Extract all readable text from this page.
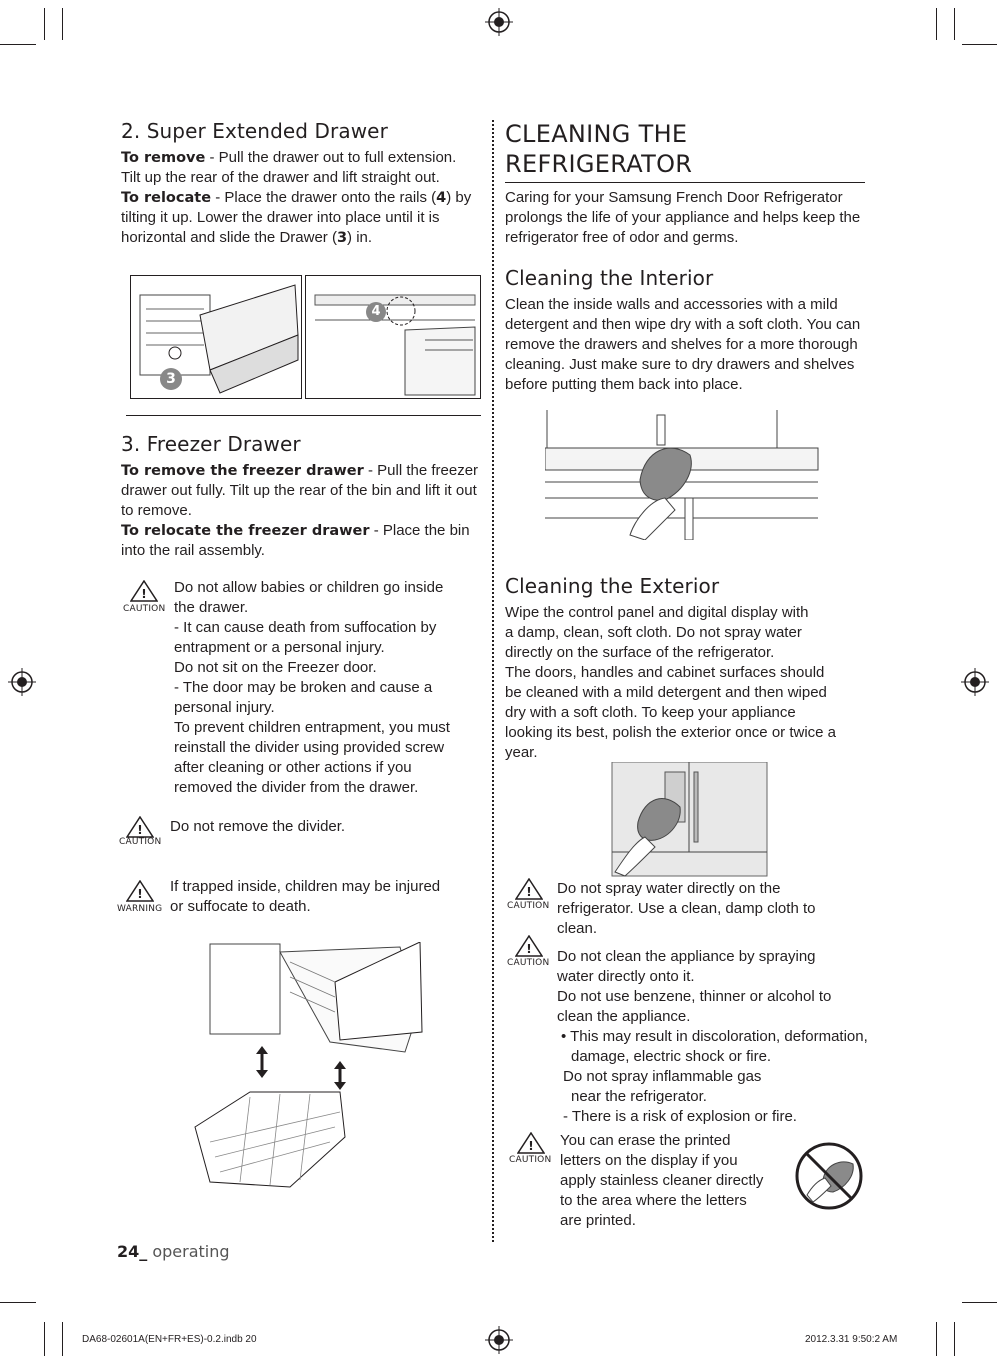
2. Super Extended Drawer
To remove - Pull the drawer out to full extension. Tilt up the rear of the drawer and lift straight out.
To relocate - Place the drawer onto the rails (4) by tilting it up. Lower the drawer into place until it is horizontal and slide the Drawer (3) in.
3
4
3. Freezer Drawer
To remove the freezer drawer - Pull the freezer drawer out fully. Tilt up the rear of the bin and lift it out to remove.
To relocate the freezer drawer - Place the bin into the rail assembly.
!
CAUTION
Do not allow babies or children go inside
the drawer.
- It can cause death from suffocation by
entrapment or a personal injury.
Do not sit on the Freezer door.
- The door may be broken and cause a
personal injury.
To prevent children entrapment, you must
reinstall the divider using provided screw
after cleaning or other actions if you
removed the divider from the drawer.
!
CAUTION
Do not remove the divider.
!
WARNING
If trapped inside, children may be injured
or suffocate to death.
24_ operating
DA68-02601A(EN+FR+ES)-0.2.indb 20	2012.3.31 9:50:2 AM
CLEANING THE
REFRIGERATOR
Caring for your Samsung French Door Refrigerator prolongs the life of your appliance and helps keep the refrigerator free of odor and germs.
Cleaning the Interior
Clean the inside walls and accessories with a mild detergent and then wipe dry with a soft cloth. You can remove the drawers and shelves for a more thorough cleaning. Just make sure to dry drawers and shelves before putting them back into place.
Cleaning the Exterior
Wipe the control panel and digital display with
a damp, clean, soft cloth. Do not spray water
directly on the surface of the refrigerator.
The doors, handles and cabinet surfaces should
be cleaned with a mild detergent and then wiped
dry with a soft cloth. To keep your appliance
looking its best, polish the exterior once or twice a
year.
!
CAUTION
Do not spray water directly on the
refrigerator. Use a clean, damp cloth to
clean.
!
CAUTION Do not clean the appliance by spraying
water directly onto it.
Do not use benzene, thinner or alcohol to
clean the appliance.
• This may result in discoloration, deformation,
damage, electric shock or fire.
Do not spray inflammable gas
near the refrigerator.
- There is a risk of explosion or fire.
!
CAUTION
You can erase the printed
letters on the display if you
apply stainless cleaner directly
to the area where the letters
are printed.
